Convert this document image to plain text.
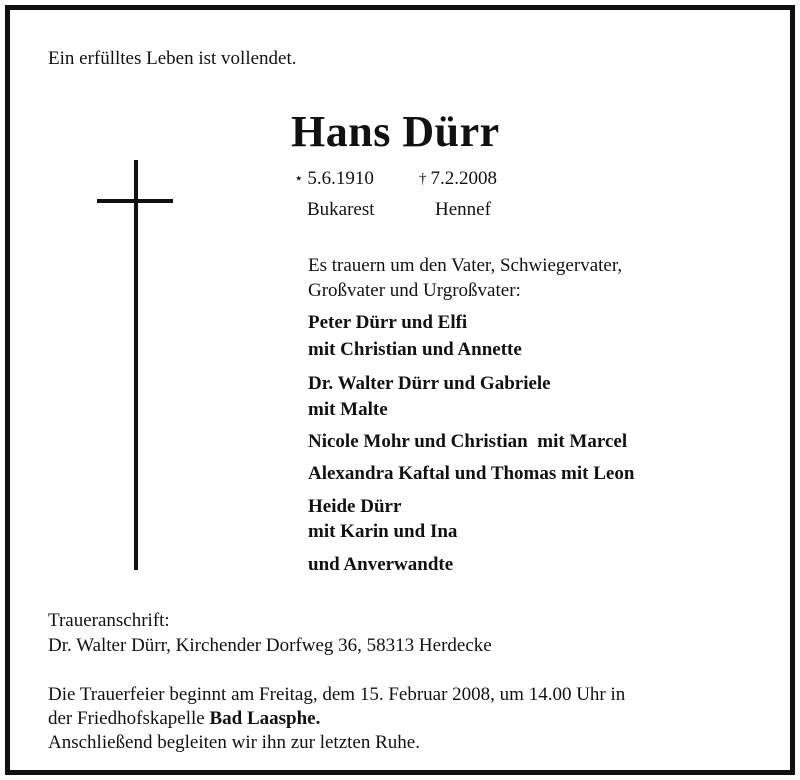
Ein erfülltes Leben ist vollendet.
Hans Dürr
⋆ 5.6.1910	† 7.2.2008
Bukarest	Hennef
Es trauern um den Vater, Schwiegervater,
Großvater und Urgroßvater:
Peter Dürr und Elfi
mit Christian und Annette
Dr. Walter Dürr und Gabriele
mit Malte
Nicole Mohr und Christian  mit Marcel
Alexandra Kaftal und Thomas mit Leon
Heide Dürr
mit Karin und Ina
und Anverwandte
Traueranschrift:
Dr. Walter Dürr, Kirchender Dorfweg 36, 58313 Herdecke
Die Trauerfeier beginnt am Freitag, dem 15. Februar 2008, um 14.00 Uhr in
der Friedhofskapelle Bad Laasphe.
Anschließend begleiten wir ihn zur letzten Ruhe.
